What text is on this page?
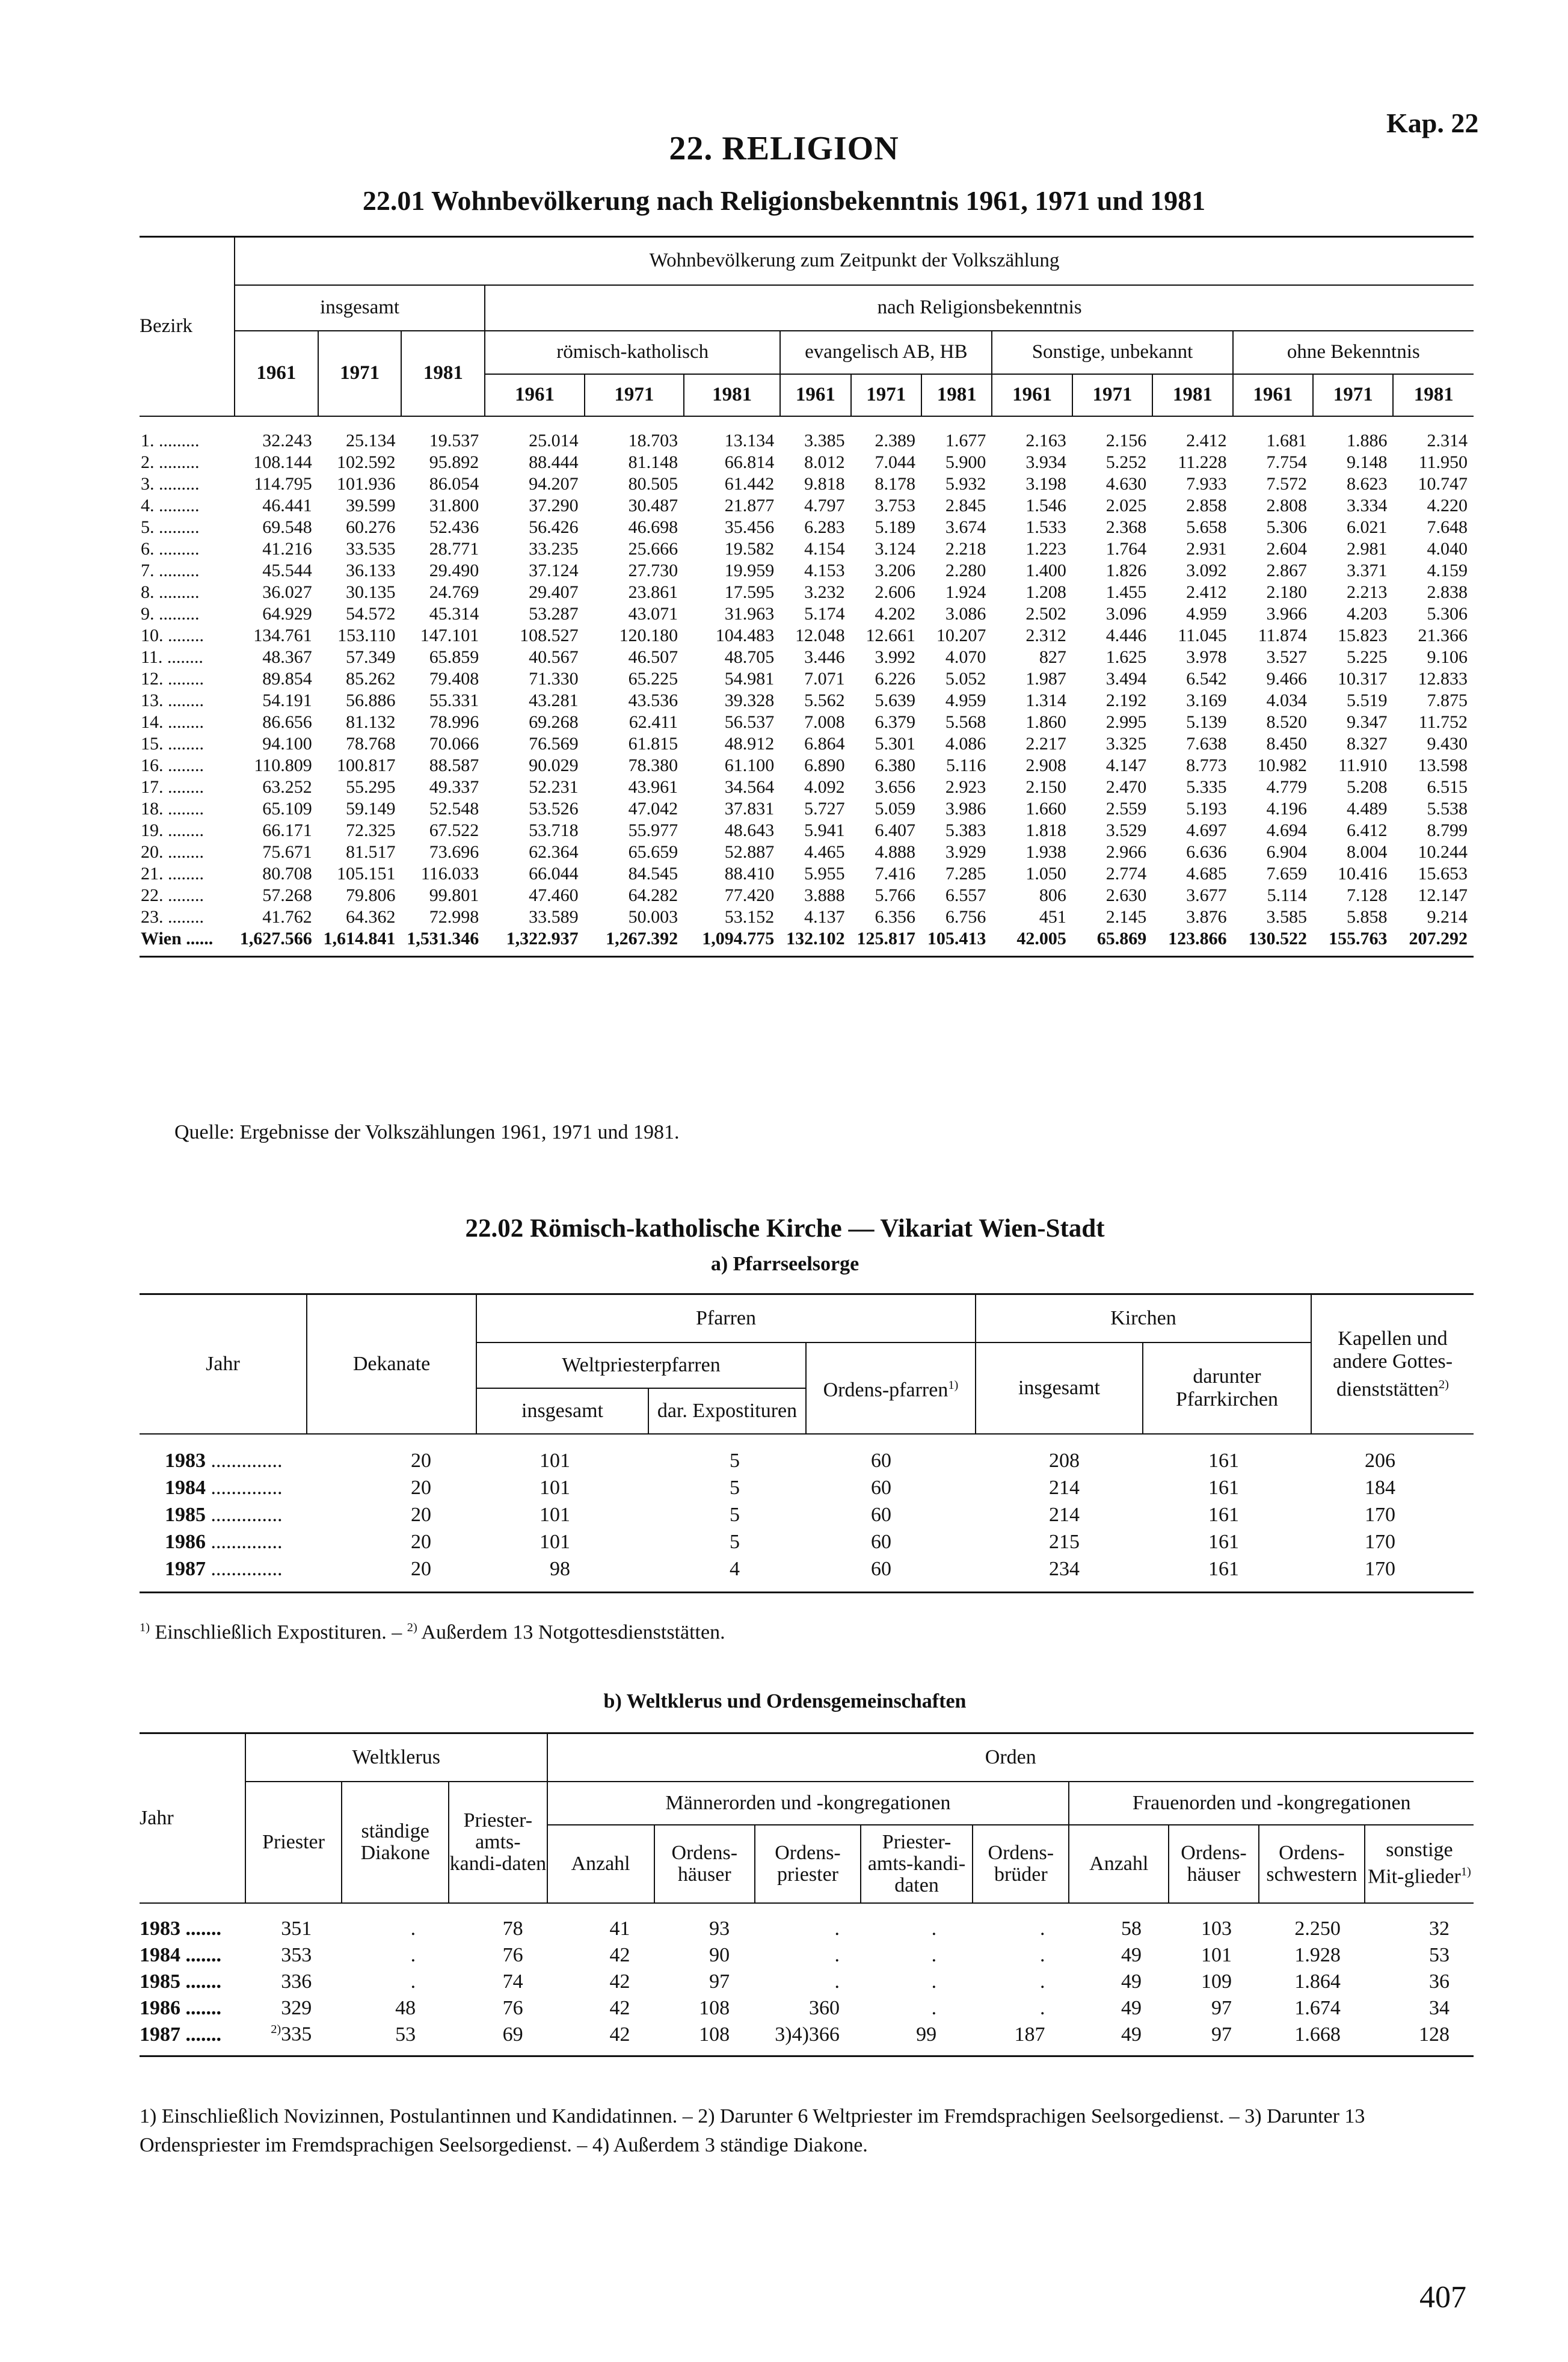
Kap. 22
22. RELIGION
22.01 Wohnbevölkerung nach Religionsbekenntnis 1961, 1971 und 1981
Bezirk	Wohnbevölkerung zum Zeitpunkt der Volkszählung														
	insgesamt			nach Religionsbekenntnis											
	1961	1971	1981	römisch-katholisch			evangelisch AB, HB			Sonstige, unbekannt			ohne Bekenntnis		
				1961	1971	1981	1961	1971	1981	1961	1971	1981	1961	1971	1981
1. .........	32.243	25.134	19.537	25.014	18.703	13.134	3.385	2.389	1.677	2.163	2.156	2.412	1.681	1.886	2.314
2. .........	108.144	102.592	95.892	88.444	81.148	66.814	8.012	7.044	5.900	3.934	5.252	11.228	7.754	9.148	11.950
3. .........	114.795	101.936	86.054	94.207	80.505	61.442	9.818	8.178	5.932	3.198	4.630	7.933	7.572	8.623	10.747
4. .........	46.441	39.599	31.800	37.290	30.487	21.877	4.797	3.753	2.845	1.546	2.025	2.858	2.808	3.334	4.220
5. .........	69.548	60.276	52.436	56.426	46.698	35.456	6.283	5.189	3.674	1.533	2.368	5.658	5.306	6.021	7.648
6. .........	41.216	33.535	28.771	33.235	25.666	19.582	4.154	3.124	2.218	1.223	1.764	2.931	2.604	2.981	4.040
7. .........	45.544	36.133	29.490	37.124	27.730	19.959	4.153	3.206	2.280	1.400	1.826	3.092	2.867	3.371	4.159
8. .........	36.027	30.135	24.769	29.407	23.861	17.595	3.232	2.606	1.924	1.208	1.455	2.412	2.180	2.213	2.838
9. .........	64.929	54.572	45.314	53.287	43.071	31.963	5.174	4.202	3.086	2.502	3.096	4.959	3.966	4.203	5.306
10. ........	134.761	153.110	147.101	108.527	120.180	104.483	12.048	12.661	10.207	2.312	4.446	11.045	11.874	15.823	21.366
11. ........	48.367	57.349	65.859	40.567	46.507	48.705	3.446	3.992	4.070	827	1.625	3.978	3.527	5.225	9.106
12. ........	89.854	85.262	79.408	71.330	65.225	54.981	7.071	6.226	5.052	1.987	3.494	6.542	9.466	10.317	12.833
13. ........	54.191	56.886	55.331	43.281	43.536	39.328	5.562	5.639	4.959	1.314	2.192	3.169	4.034	5.519	7.875
14. ........	86.656	81.132	78.996	69.268	62.411	56.537	7.008	6.379	5.568	1.860	2.995	5.139	8.520	9.347	11.752
15. ........	94.100	78.768	70.066	76.569	61.815	48.912	6.864	5.301	4.086	2.217	3.325	7.638	8.450	8.327	9.430
16. ........	110.809	100.817	88.587	90.029	78.380	61.100	6.890	6.380	5.116	2.908	4.147	8.773	10.982	11.910	13.598
17. ........	63.252	55.295	49.337	52.231	43.961	34.564	4.092	3.656	2.923	2.150	2.470	5.335	4.779	5.208	6.515
18. ........	65.109	59.149	52.548	53.526	47.042	37.831	5.727	5.059	3.986	1.660	2.559	5.193	4.196	4.489	5.538
19. ........	66.171	72.325	67.522	53.718	55.977	48.643	5.941	6.407	5.383	1.818	3.529	4.697	4.694	6.412	8.799
20. ........	75.671	81.517	73.696	62.364	65.659	52.887	4.465	4.888	3.929	1.938	2.966	6.636	6.904	8.004	10.244
21. ........	80.708	105.151	116.033	66.044	84.545	88.410	5.955	7.416	7.285	1.050	2.774	4.685	7.659	10.416	15.653
22. ........	57.268	79.806	99.801	47.460	64.282	77.420	3.888	5.766	6.557	806	2.630	3.677	5.114	7.128	12.147
23. ........	41.762	64.362	72.998	33.589	50.003	53.152	4.137	6.356	6.756	451	2.145	3.876	3.585	5.858	9.214
Wien ......	1,627.566	1,614.841	1,531.346	1,322.937	1,267.392	1,094.775	132.102	125.817	105.413	42.005	65.869	123.866	130.522	155.763	207.292
Quelle: Ergebnisse der Volkszählungen 1961, 1971 und 1981.
22.02 Römisch-katholische Kirche — Vikariat Wien-Stadt
a) Pfarrseelsorge
Jahr	Dekanate	Pfarren			Kirchen		Kapellen und andere Gottes-dienststätten$^{2)}$
		Weltpriesterpfarren		Ordens-pfarren$^{1)}$	insgesamt	darunter Pfarrkirchen	
		insgesamt	dar. Expostituren				
1983 ..............	20	101	5	60	208	161	206
1984 ..............	20	101	5	60	214	161	184
1985 ..............	20	101	5	60	214	161	170
1986 ..............	20	101	5	60	215	161	170
1987 ..............	20	98	4	60	234	161	170
$^{1)}$ Einschließlich Expostituren. – $^{2)}$ Außerdem 13 Notgottesdienststätten.
b) Weltklerus und Ordensgemeinschaften
Jahr	Weltklerus			Orden								
	Priester	ständige Diakone	Priester-amts-kandi-daten	Männerorden und -kongregationen					Frauenorden und -kongregationen			
				Anzahl	Ordens-häuser	Ordens-priester	Priester-amts-kandi-daten	Ordens-brüder	Anzahl	Ordens-häuser	Ordens-schwestern	sonstige Mit-glieder$^{1)}$
1983 .......	351	.	78	41	93	.	.	.	58	103	2.250	32
1984 .......	353	.	76	42	90	.	.	.	49	101	1.928	53
1985 .......	336	.	74	42	97	.	.	.	49	109	1.864	36
1986 .......	329	48	76	42	108	360	.	.	49	97	1.674	34
1987 .......	$^{2)}$335	53	69	42	108	3)4)366	99	187	49	97	1.668	128
1) Einschließlich Novizinnen, Postulantinnen und Kandidatinnen. – 2) Darunter 6 Weltpriester im Fremdsprachigen Seelsorgedienst. – 3) Darunter 13 Ordenspriester im Fremdsprachigen Seelsorgedienst. – 4) Außerdem 3 ständige Diakone.
407
